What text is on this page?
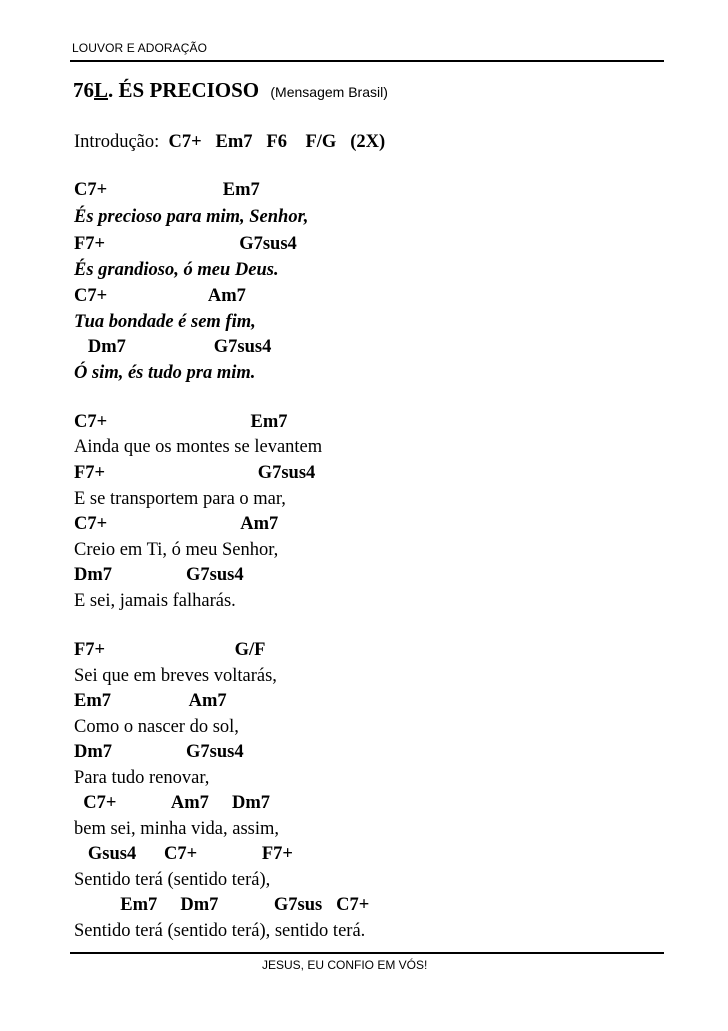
LOUVOR E ADORAÇÃO
76L. ÉS PRECIOSO (Mensagem Brasil)
Introdução: C7+   Em7   F6    F/G   (2X)
C7+                         Em7
És precioso para mim, Senhor,
F7+                             G7sus4
És grandioso, ó meu Deus.
C7+                      Am7
Tua bondade é sem fim,
Dm7                   G7sus4
Ó sim, és tudo pra mim.
C7+                               Em7
Ainda que os montes se levantem
F7+                                 G7sus4
E se transportem para o mar,
C7+                             Am7
Creio em Ti, ó meu Senhor,
Dm7                G7sus4
E sei, jamais falharás.
F7+                            G/F
Sei que em breves voltarás,
Em7                 Am7
Como o nascer do sol,
Dm7                G7sus4
Para tudo renovar,
C7+            Am7     Dm7
bem sei, minha vida, assim,
Gsus4      C7+              F7+
Sentido terá (sentido terá),
Em7     Dm7            G7sus   C7+
Sentido terá (sentido terá), sentido terá.
JESUS, EU CONFIO EM VÓS!
